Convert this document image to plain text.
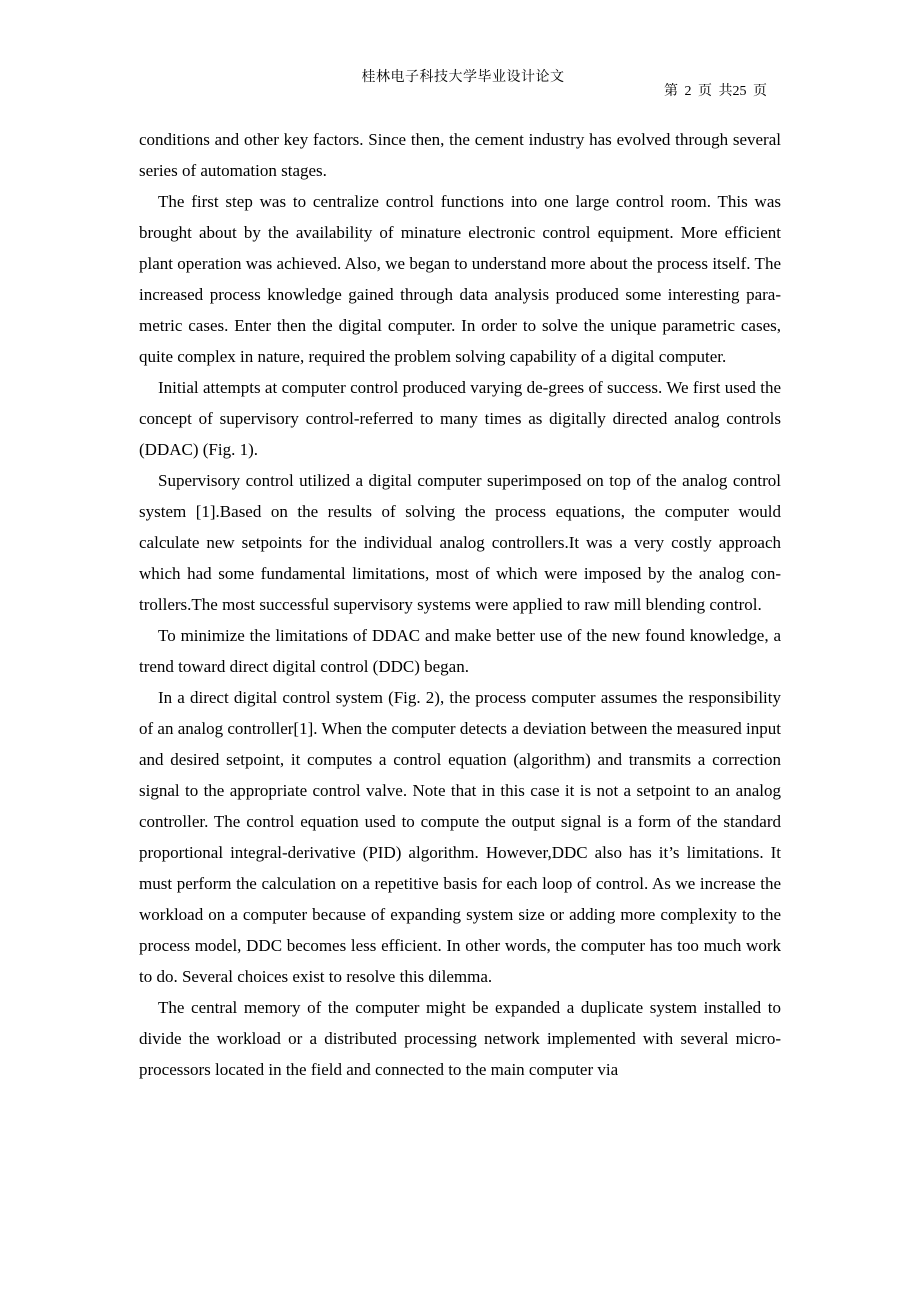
桂林电子科技大学毕业设计论文
第 2 页 共25 页

conditions and other key factors. Since then, the cement industry has evolved through several series of automation stages.

The first step was to centralize control functions into one large control room. This was brought about by the availability of minature electronic control equipment. More efficient plant operation was achieved. Also, we began to understand more about the process itself. The increased process knowledge gained through data analysis produced some interesting para-metric cases. Enter then the digital computer. In order to solve the unique parametric cases, quite complex in nature, required the problem solving capability of a digital computer.

Initial attempts at computer control produced varying de-grees of success. We first used the concept of supervisory control-referred to many times as digitally directed analog controls (DDAC) (Fig. 1).

Supervisory control utilized a digital computer superimposed on top of the analog control system [1].Based on the results of solving the process equations, the computer would calculate new setpoints for the individual analog controllers.It was a very costly approach which had some fundamental limitations, most of which were imposed by the analog con-trollers.The most successful supervisory systems were applied to raw mill blending control.

To minimize the limitations of DDAC and make better use of the new found knowledge, a trend toward direct digital control (DDC) began.

In a direct digital control system (Fig. 2), the process computer assumes the responsibility of an analog controller[1]. When the computer detects a deviation between the measured input and desired setpoint, it computes a control equation (algorithm) and transmits a correction signal to the appropriate control valve. Note that in this case it is not a setpoint to an analog controller. The control equation used to compute the output signal is a form of the standard proportional integral-derivative (PID) algorithm. However,DDC also has it’s limitations. It must perform the calculation on a repetitive basis for each loop of control. As we increase the workload on a computer because of expanding system size or adding more complexity to the process model, DDC becomes less efficient. In other words, the computer has too much work to do. Several choices exist to resolve this dilemma.

The central memory of the computer might be expanded a duplicate system installed to divide the workload or a distributed processing network implemented with several micro-processors located in the field and connected to the main computer via
